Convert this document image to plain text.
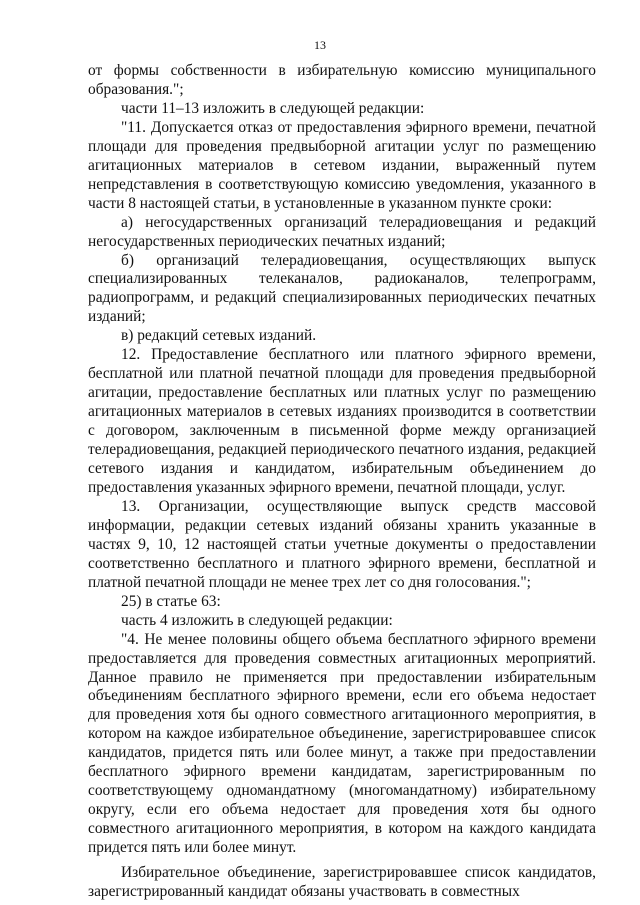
13

от формы собственности в избирательную комиссию муниципального образования.";

части 11–13 изложить в следующей редакции:

"11. Допускается отказ от предоставления эфирного времени, печатной площади для проведения предвыборной агитации услуг по размещению агитационных материалов в сетевом издании, выраженный путем непредставления в соответствующую комиссию уведомления, указанного в части 8 настоящей статьи, в установленные в указанном пункте сроки:

а) негосударственных организаций телерадиовещания и редакций негосударственных периодических печатных изданий;

б) организаций телерадиовещания, осуществляющих выпуск специализированных телеканалов, радиоканалов, телепрограмм, радиопрограмм, и редакций специализированных периодических печатных изданий;

в) редакций сетевых изданий.

12. Предоставление бесплатного или платного эфирного времени, бесплатной или платной печатной площади для проведения предвыборной агитации, предоставление бесплатных или платных услуг по размещению агитационных материалов в сетевых изданиях производится в соответствии с договором, заключенным в письменной форме между организацией телерадиовещания, редакцией периодического печатного издания, редакцией сетевого издания и кандидатом, избирательным объединением до предоставления указанных эфирного времени, печатной площади, услуг.

13. Организации, осуществляющие выпуск средств массовой информации, редакции сетевых изданий обязаны хранить указанные в частях 9, 10, 12 настоящей статьи учетные документы о предоставлении соответственно бесплатного и платного эфирного времени, бесплатной и платной печатной площади не менее трех лет со дня голосования.";

25) в статье 63:

часть 4 изложить в следующей редакции:

"4. Не менее половины общего объема бесплатного эфирного времени предоставляется для проведения совместных агитационных мероприятий. Данное правило не применяется при предоставлении избирательным объединениям бесплатного эфирного времени, если его объема недостает для проведения хотя бы одного совместного агитационного мероприятия, в котором на каждое избирательное объединение, зарегистрировавшее список кандидатов, придется пять или более минут, а также при предоставлении бесплатного эфирного времени кандидатам, зарегистрированным по соответствующему одномандатному (многомандатному) избирательному округу, если его объема недостает для проведения хотя бы одного совместного агитационного мероприятия, в котором на каждого кандидата придется пять или более минут.

Избирательное объединение, зарегистрировавшее список кандидатов, зарегистрированный кандидат обязаны участвовать в совместных
